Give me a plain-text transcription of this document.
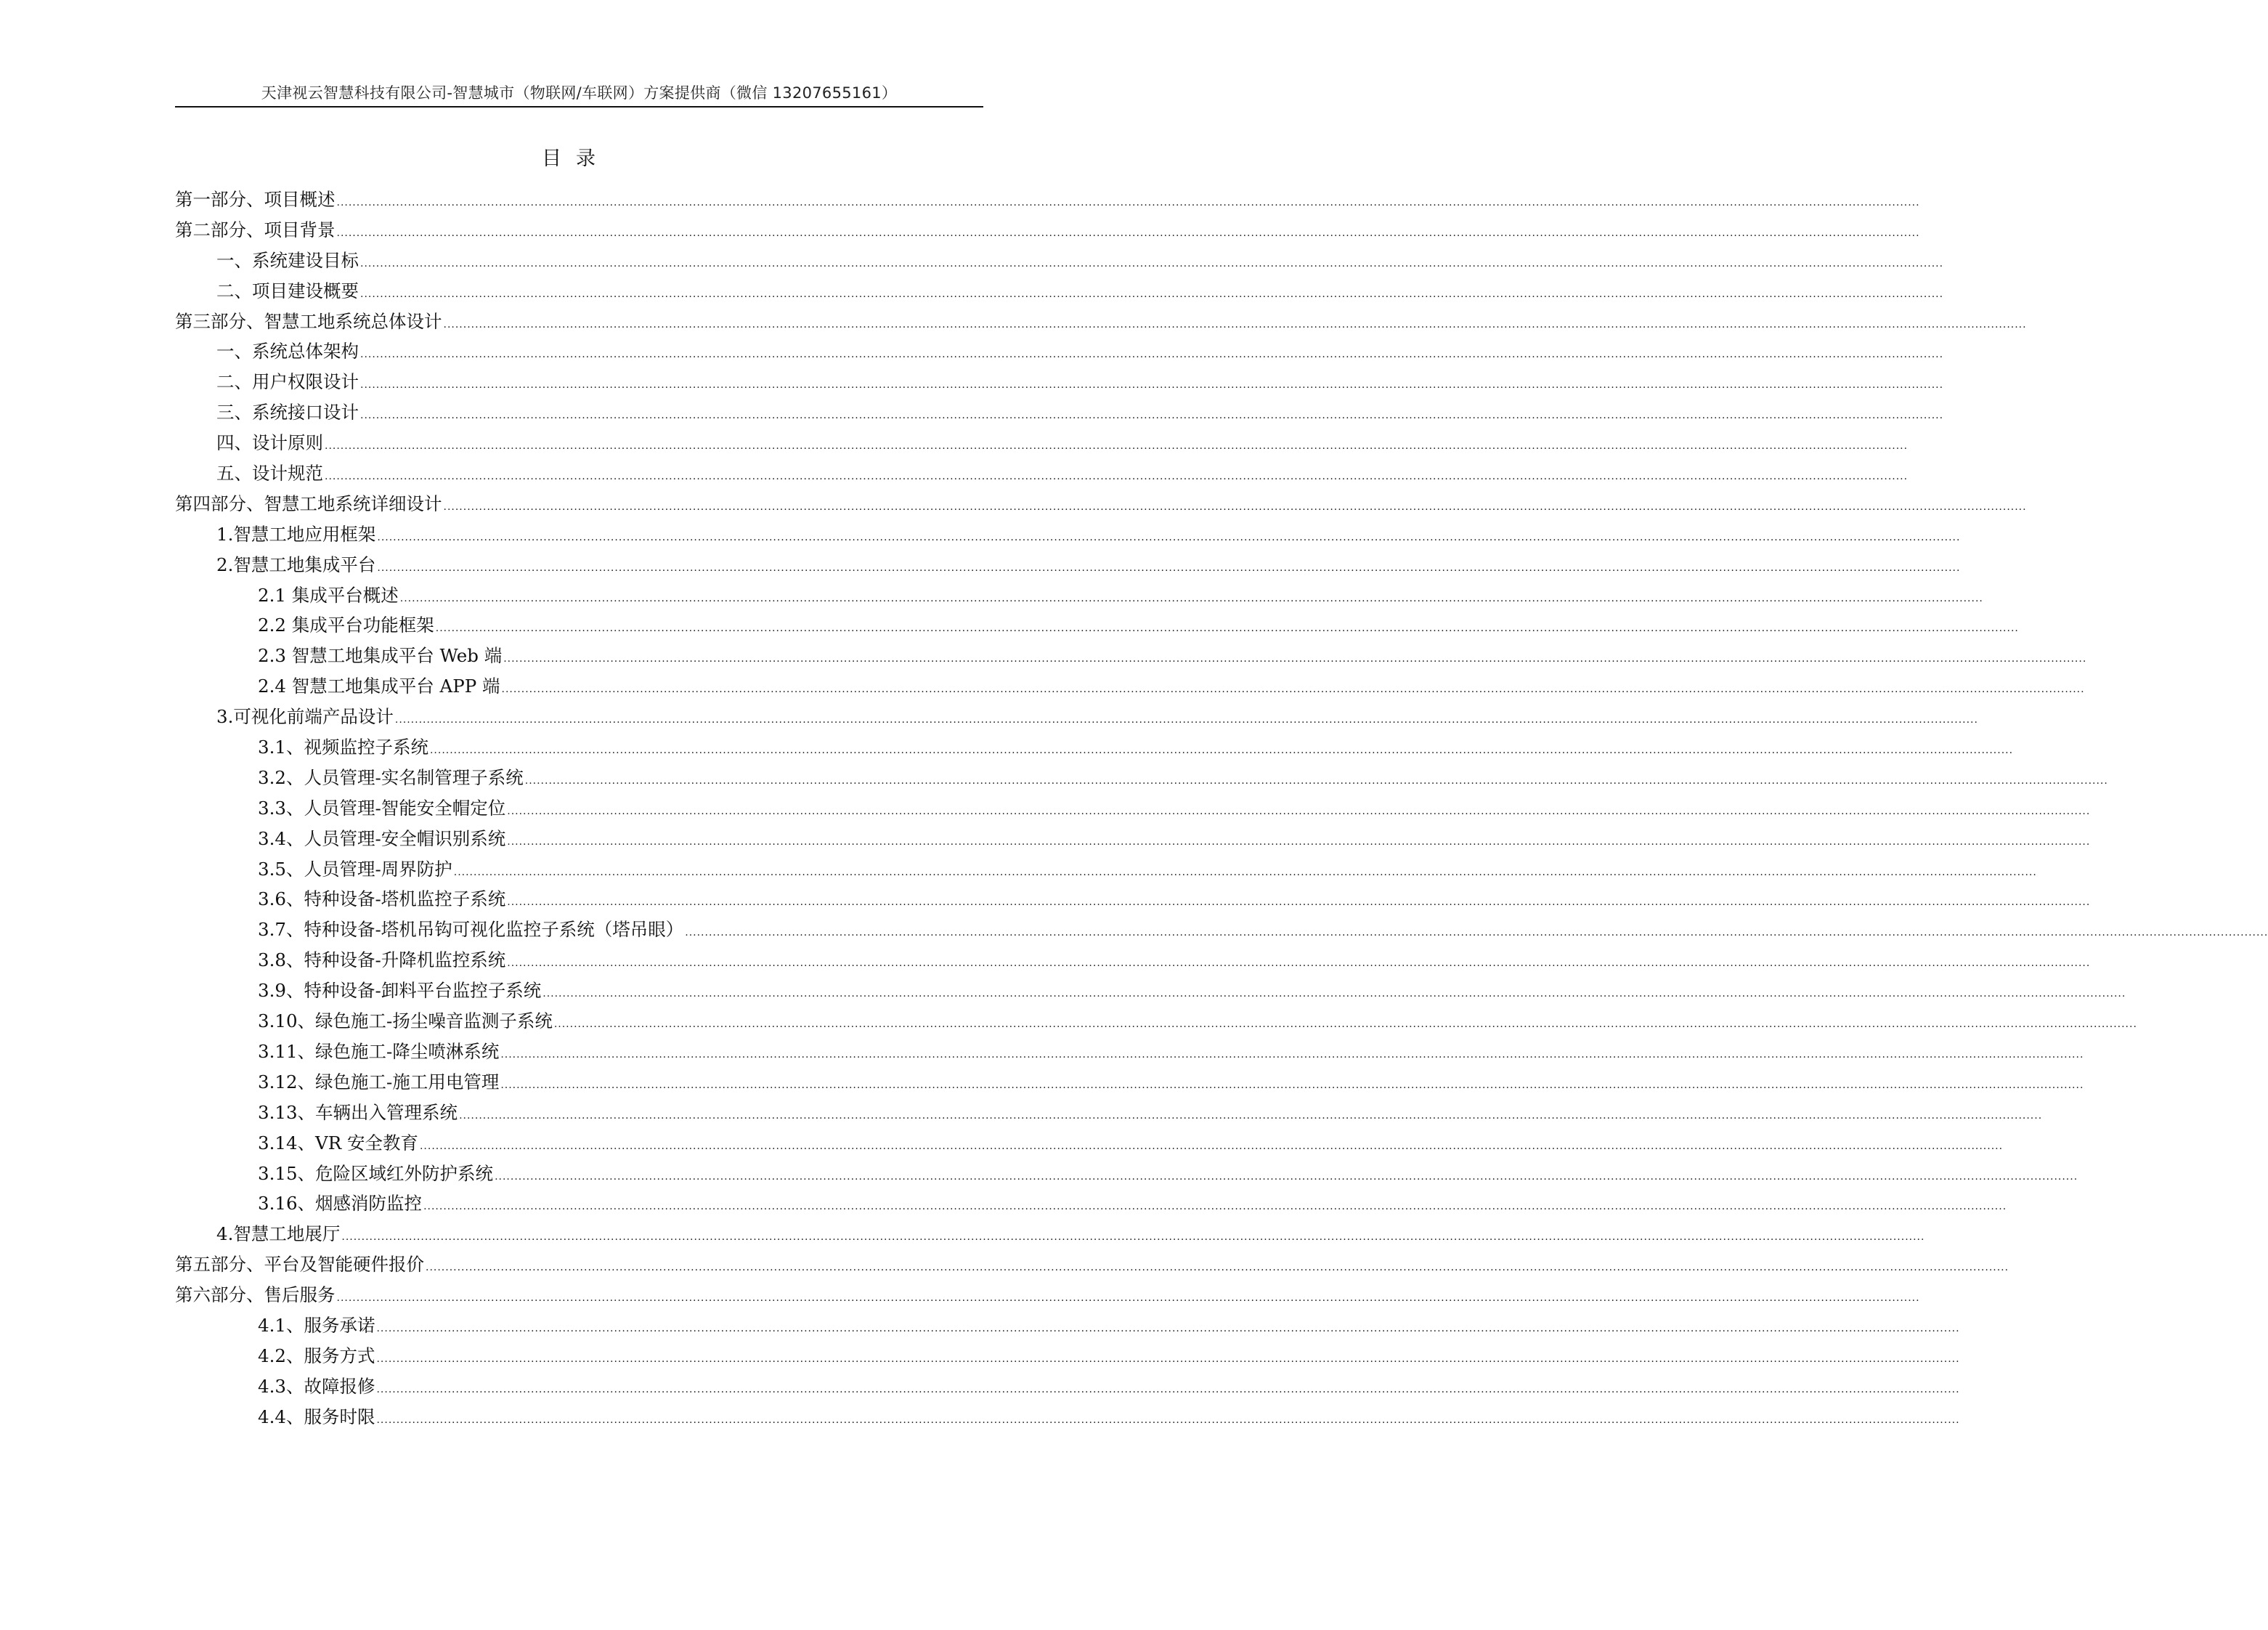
天津视云智慧科技有限公司-智慧城市（物联网/车联网）方案提供商（微信 13207655161）
目录
第一部分、项目概述 ................................................................................................................................................................................................................................................................................................................................................................................................................
第二部分、项目背景 ................................................................................................................................................................................................................................................................................................................................................................................................................
一、系统建设目标 ................................................................................................................................................................................................................................................................................................................................................................................................................
二、项目建设概要 ................................................................................................................................................................................................................................................................................................................................................................................................................
第三部分、智慧工地系统总体设计 ................................................................................................................................................................................................................................................................................................................................................................................................................
一、系统总体架构 ................................................................................................................................................................................................................................................................................................................................................................................................................
二、用户权限设计 ................................................................................................................................................................................................................................................................................................................................................................................................................
三、系统接口设计 ................................................................................................................................................................................................................................................................................................................................................................................................................
四、设计原则 ................................................................................................................................................................................................................................................................................................................................................................................................................
五、设计规范 ................................................................................................................................................................................................................................................................................................................................................................................................................
第四部分、智慧工地系统详细设计 ................................................................................................................................................................................................................................................................................................................................................................................................................
1.智慧工地应用框架 ................................................................................................................................................................................................................................................................................................................................................................................................................
2.智慧工地集成平台 ................................................................................................................................................................................................................................................................................................................................................................................................................
2.1 集成平台概述 ................................................................................................................................................................................................................................................................................................................................................................................................................
2.2 集成平台功能框架 ................................................................................................................................................................................................................................................................................................................................................................................................................
2.3 智慧工地集成平台 Web 端 ................................................................................................................................................................................................................................................................................................................................................................................................................
2.4 智慧工地集成平台 APP 端 ................................................................................................................................................................................................................................................................................................................................................................................................................
3.可视化前端产品设计 ................................................................................................................................................................................................................................................................................................................................................................................................................
3.1、视频监控子系统 ................................................................................................................................................................................................................................................................................................................................................................................................................
3.2、人员管理-实名制管理子系统 ................................................................................................................................................................................................................................................................................................................................................................................................................
3.3、人员管理-智能安全帽定位 ................................................................................................................................................................................................................................................................................................................................................................................................................
3.4、人员管理-安全帽识别系统 ................................................................................................................................................................................................................................................................................................................................................................................................................
3.5、人员管理-周界防护 ................................................................................................................................................................................................................................................................................................................................................................................................................
3.6、特种设备-塔机监控子系统 ................................................................................................................................................................................................................................................................................................................................................................................................................
3.7、特种设备-塔机吊钩可视化监控子系统（塔吊眼） ................................................................................................................................................................................................................................................................................................................................................................................................................
3.8、特种设备-升降机监控系统 ................................................................................................................................................................................................................................................................................................................................................................................................................
3.9、特种设备-卸料平台监控子系统 ................................................................................................................................................................................................................................................................................................................................................................................................................
3.10、绿色施工-扬尘噪音监测子系统 ................................................................................................................................................................................................................................................................................................................................................................................................................
3.11、绿色施工-降尘喷淋系统 ................................................................................................................................................................................................................................................................................................................................................................................................................
3.12、绿色施工-施工用电管理 ................................................................................................................................................................................................................................................................................................................................................................................................................
3.13、车辆出入管理系统 ................................................................................................................................................................................................................................................................................................................................................................................................................
3.14、VR 安全教育 ................................................................................................................................................................................................................................................................................................................................................................................................................
3.15、危险区域红外防护系统 ................................................................................................................................................................................................................................................................................................................................................................................................................
3.16、烟感消防监控 ................................................................................................................................................................................................................................................................................................................................................................................................................
4.智慧工地展厅 ................................................................................................................................................................................................................................................................................................................................................................................................................
第五部分、平台及智能硬件报价 ................................................................................................................................................................................................................................................................................................................................................................................................................
第六部分、售后服务 ................................................................................................................................................................................................................................................................................................................................................................................................................
4.1、服务承诺 ................................................................................................................................................................................................................................................................................................................................................................................................................
4.2、服务方式 ................................................................................................................................................................................................................................................................................................................................................................................................................
4.3、故障报修 ................................................................................................................................................................................................................................................................................................................................................................................................................
4.4、服务时限 ................................................................................................................................................................................................................................................................................................................................................................................................................
